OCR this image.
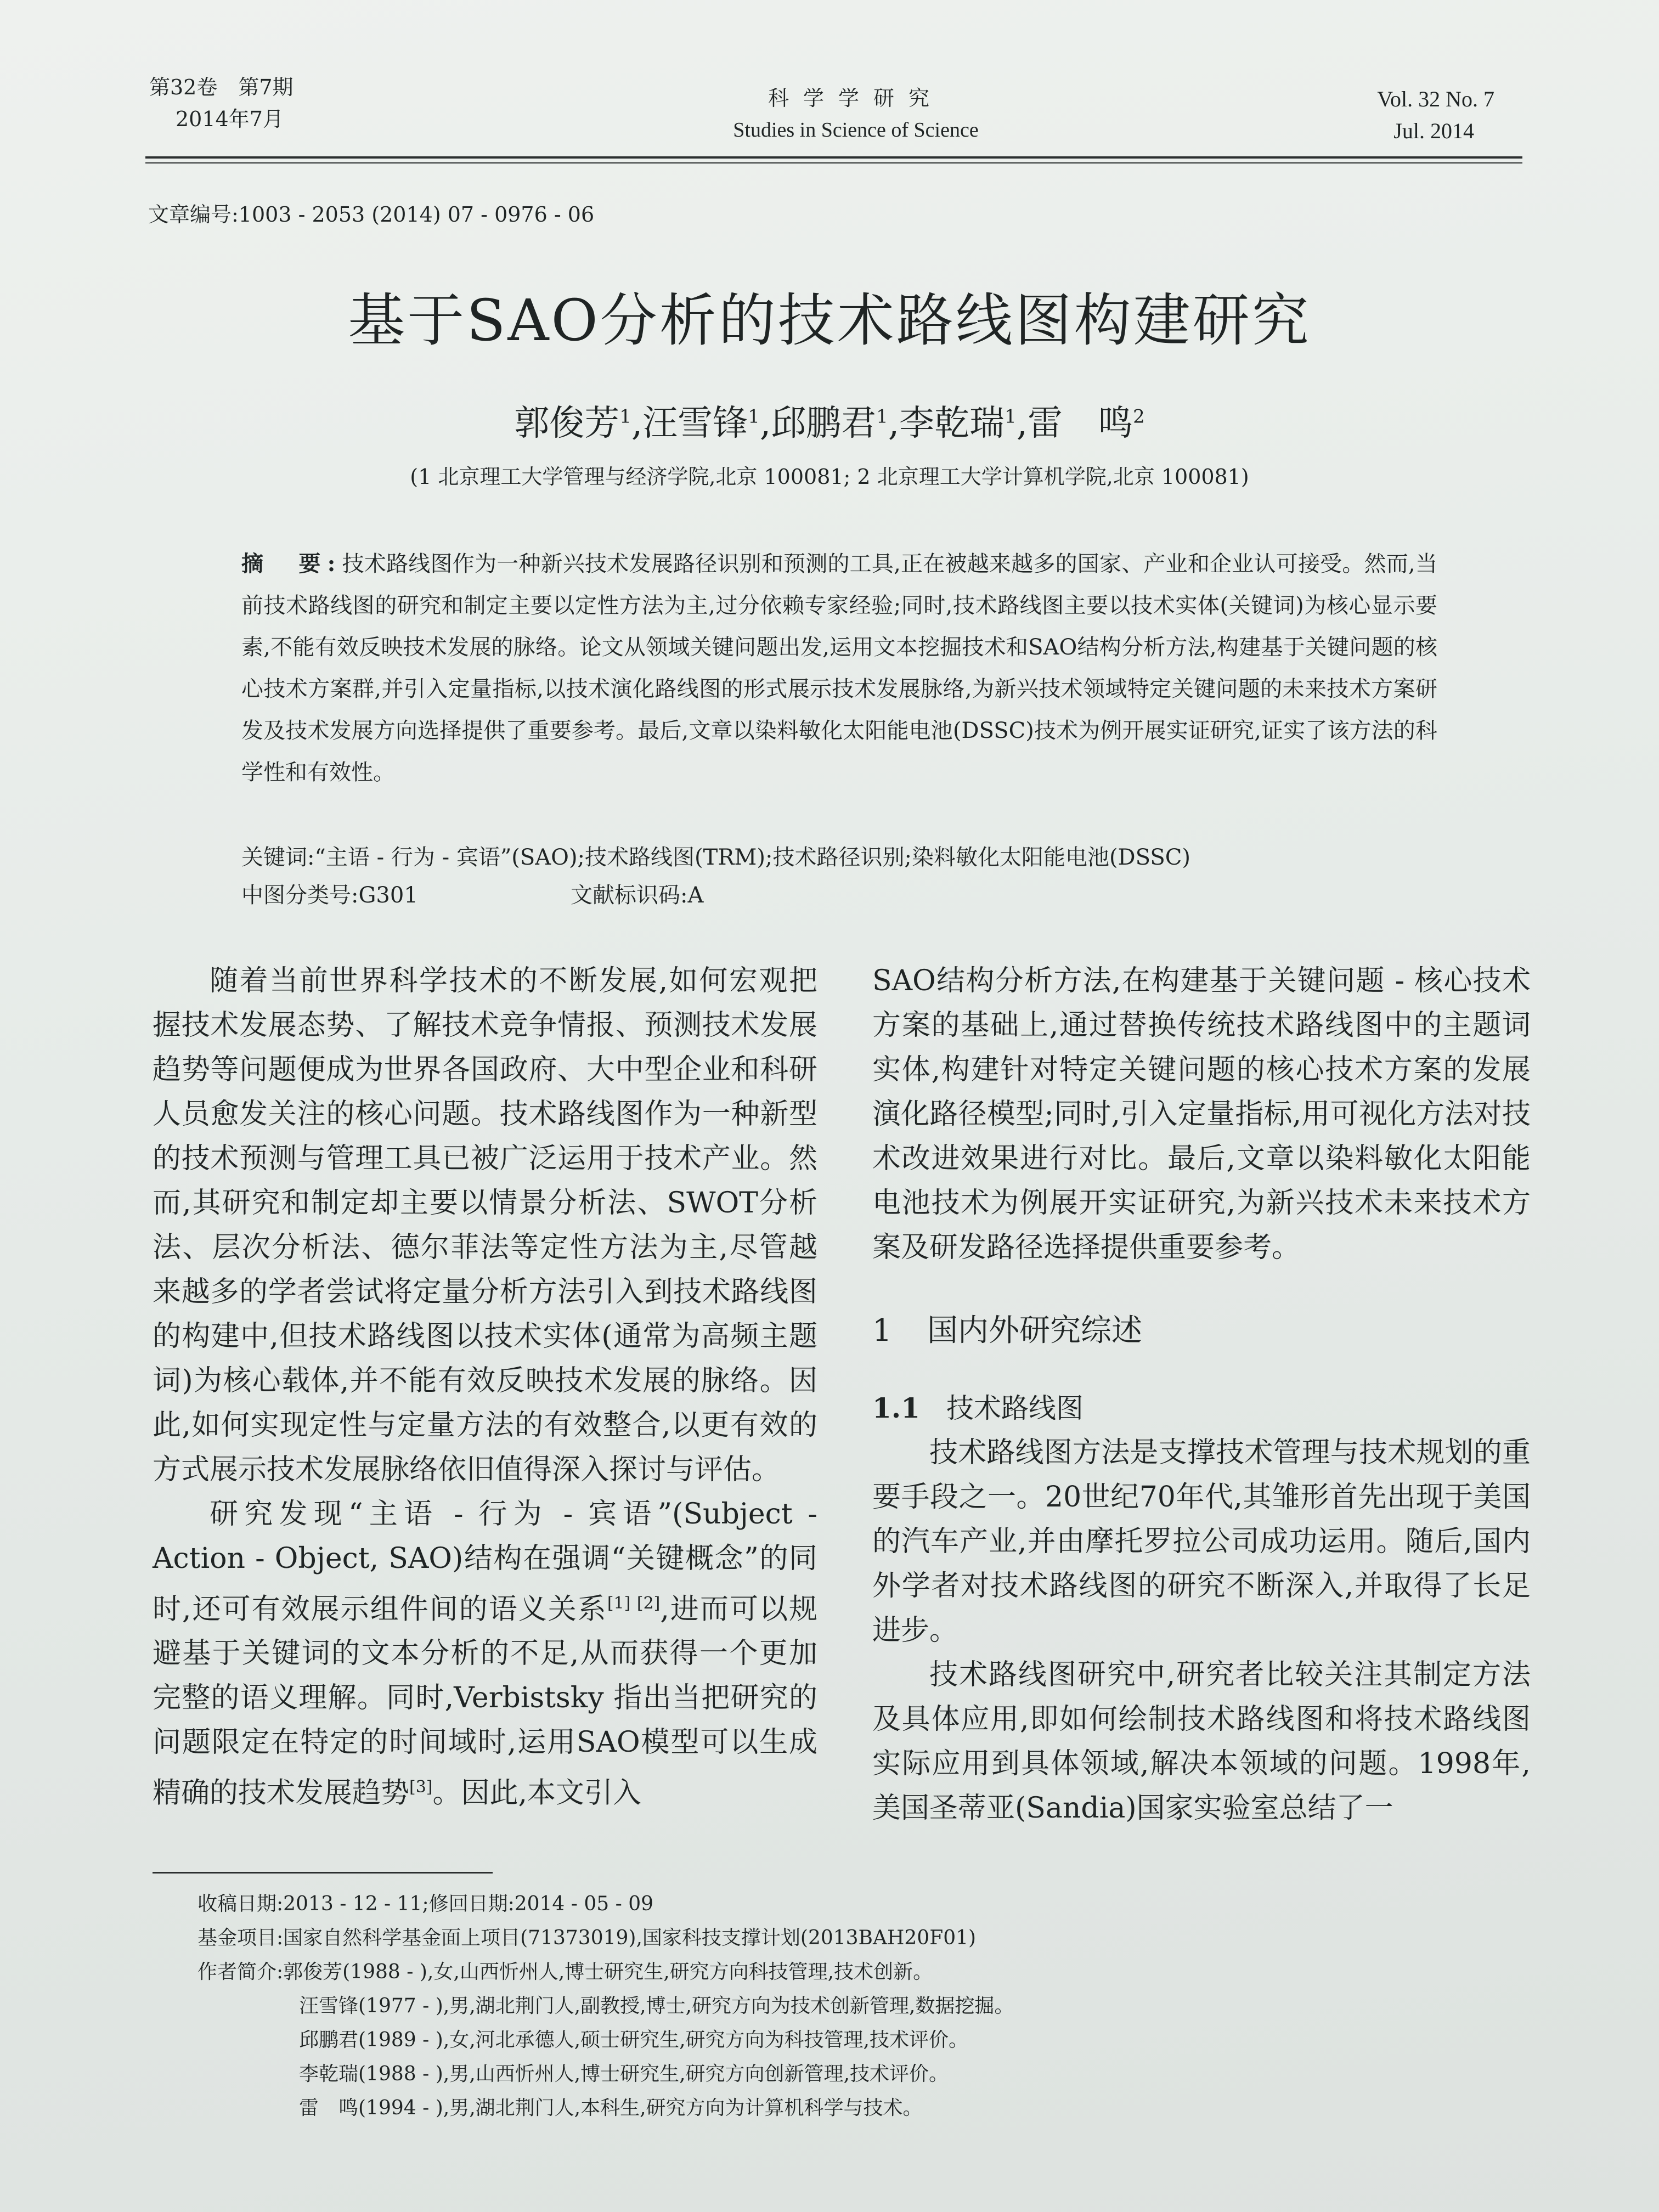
第32卷　第7期
2014年7月
科学学研究
Studies in Science of Science
Vol. 32 No. 7
Jul. 2014
文章编号:1003 - 2053 (2014) 07 - 0976 - 06
基于SAO分析的技术路线图构建研究
郭俊芳$^1$,汪雪锋$^1$,邱鹏君$^1$,李乾瑞$^1$,雷　鸣$^2$
(1 北京理工大学管理与经济学院,北京 100081; 2 北京理工大学计算机学院,北京 100081)
摘　要:技术路线图作为一种新兴技术发展路径识别和预测的工具,正在被越来越多的国家、产业和企业认可接受。然而,当前技术路线图的研究和制定主要以定性方法为主,过分依赖专家经验;同时,技术路线图主要以技术实体(关键词)为核心显示要素,不能有效反映技术发展的脉络。论文从领域关键问题出发,运用文本挖掘技术和SAO结构分析方法,构建基于关键问题的核心技术方案群,并引入定量指标,以技术演化路线图的形式展示技术发展脉络,为新兴技术领域特定关键问题的未来技术方案研发及技术发展方向选择提供了重要参考。最后,文章以染料敏化太阳能电池(DSSC)技术为例开展实证研究,证实了该方法的科学性和有效性。
关键词:“主语 - 行为 - 宾语”(SAO);技术路线图(TRM);技术路径识别;染料敏化太阳能电池(DSSC)
中图分类号:G301	文献标识码:A

随着当前世界科学技术的不断发展,如何宏观把握技术发展态势、了解技术竞争情报、预测技术发展趋势等问题便成为世界各国政府、大中型企业和科研人员愈发关注的核心问题。技术路线图作为一种新型的技术预测与管理工具已被广泛运用于技术产业。然而,其研究和制定却主要以情景分析法、SWOT分析法、层次分析法、德尔菲法等定性方法为主,尽管越来越多的学者尝试将定量分析方法引入到技术路线图的构建中,但技术路线图以技术实体(通常为高频主题词)为核心载体,并不能有效反映技术发展的脉络。因此,如何实现定性与定量方法的有效整合,以更有效的方式展示技术发展脉络依旧值得深入探讨与评估。

研究发现“主语 - 行为 - 宾语”(Subject - Action - Object, SAO)结构在强调“关键概念”的同时,还可有效展示组件间的语义关系[1] [2],进而可以规避基于关键词的文本分析的不足,从而获得一个更加完整的语义理解。同时,Verbistsky 指出当把研究的问题限定在特定的时间域时,运用SAO模型可以生成精确的技术发展趋势[3]。因此,本文引入

SAO结构分析方法,在构建基于关键问题 - 核心技术方案的基础上,通过替换传统技术路线图中的主题词实体,构建针对特定关键问题的核心技术方案的发展演化路径模型;同时,引入定量指标,用可视化方法对技术改进效果进行对比。最后,文章以染料敏化太阳能电池技术为例展开实证研究,为新兴技术未来技术方案及研发路径选择提供重要参考。

1 国内外研究综述
1.1 技术路线图

技术路线图方法是支撑技术管理与技术规划的重要手段之一。20世纪70年代,其雏形首先出现于美国的汽车产业,并由摩托罗拉公司成功运用。随后,国内外学者对技术路线图的研究不断深入,并取得了长足进步。

技术路线图研究中,研究者比较关注其制定方法及具体应用,即如何绘制技术路线图和将技术路线图实际应用到具体领域,解决本领域的问题。1998年,美国圣蒂亚(Sandia)国家实验室总结了一

收稿日期:2013 - 12 - 11;修回日期:2014 - 05 - 09
基金项目:国家自然科学基金面上项目(71373019),国家科技支撑计划(2013BAH20F01)
作者简介:郭俊芳(1988 - ),女,山西忻州人,博士研究生,研究方向科技管理,技术创新。
汪雪锋(1977 - ),男,湖北荆门人,副教授,博士,研究方向为技术创新管理,数据挖掘。
邱鹏君(1989 - ),女,河北承德人,硕士研究生,研究方向为科技管理,技术评价。
李乾瑞(1988 - ),男,山西忻州人,博士研究生,研究方向创新管理,技术评价。
雷　鸣(1994 - ),男,湖北荆门人,本科生,研究方向为计算机科学与技术。
